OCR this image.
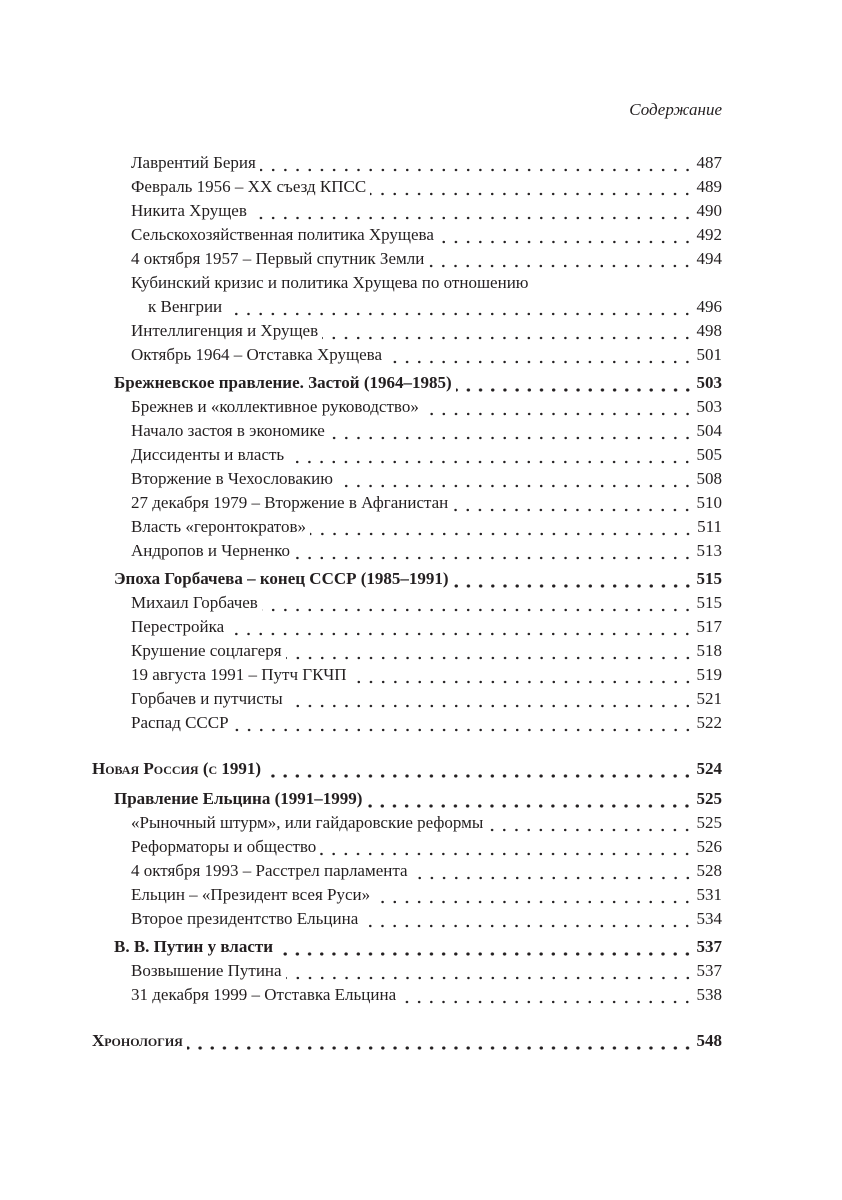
Содержание
Лаврентий Берия	487
Февраль 1956 – XX съезд КПСС	489
Никита Хрущев	490
Сельскохозяйственная политика Хрущева	492
4 октября 1957 – Первый спутник Земли	494
Кубинский кризис и политика Хрущева по отношению
к Венгрии	496
Интеллигенция и Хрущев	498
Октябрь 1964 – Отставка Хрущева	501
Брежневское правление. Застой (1964–1985)	503
Брежнев и «коллективное руководство»	503
Начало застоя в экономике	504
Диссиденты и власть	505
Вторжение в Чехословакию	508
27 декабря 1979 – Вторжение в Афганистан	510
Власть «геронтократов»	511
Андропов и Черненко	513
Эпоха Горбачева – конец СССР (1985–1991)	515
Михаил Горбачев	515
Перестройка	517
Крушение соцлагеря	518
19 августа 1991 – Путч ГКЧП	519
Горбачев и путчисты	521
Распад СССР	522
Новая Россия (с 1991)	524
Правление Ельцина (1991–1999)	525
«Рыночный штурм», или гайдаровские реформы	525
Реформаторы и общество	526
4 октября 1993 – Расстрел парламента	528
Ельцин – «Президент всея Руси»	531
Второе президентство Ельцина	534
В. В. Путин у власти	537
Возвышение Путина	537
31 декабря 1999 – Отставка Ельцина	538
Хронология	548
